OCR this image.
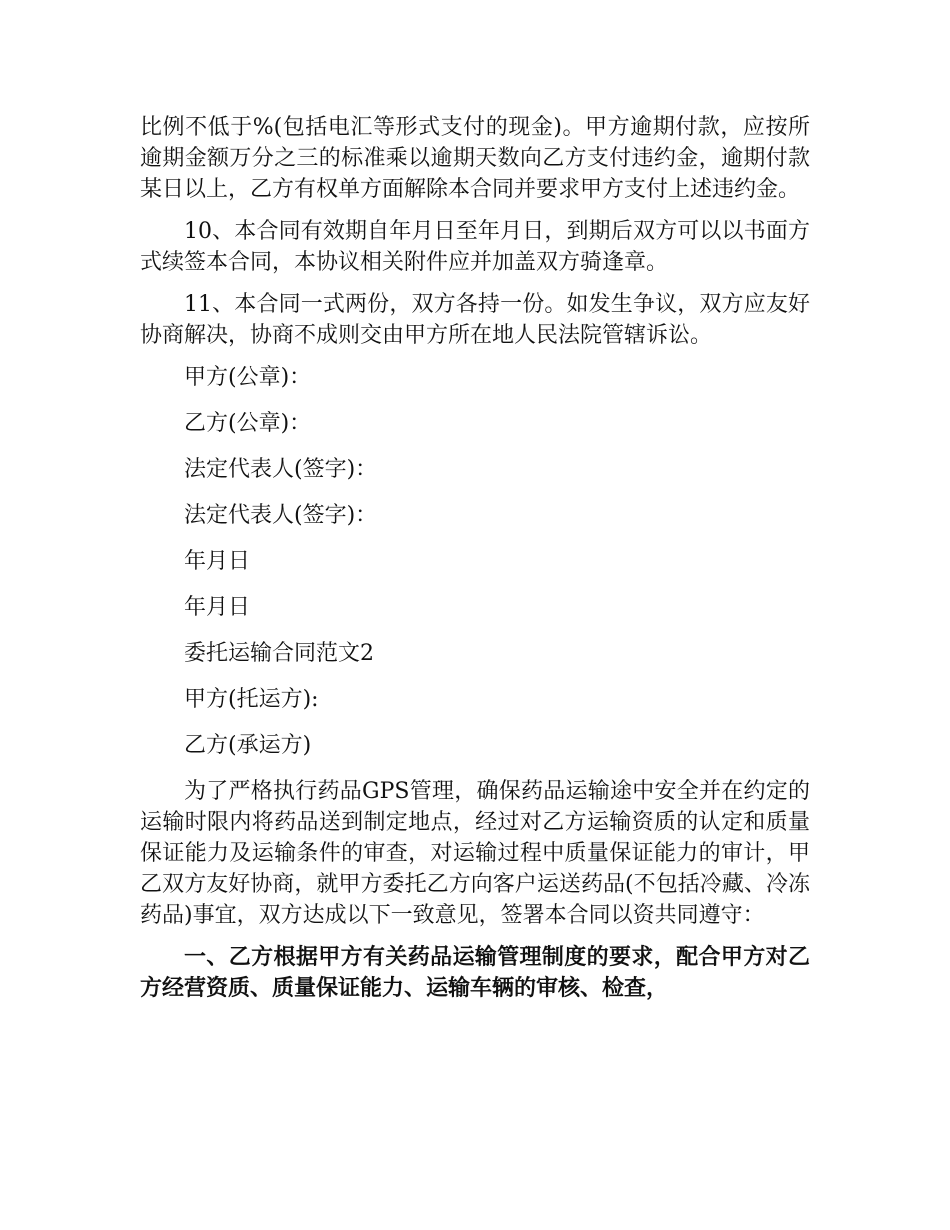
比例不低于%(包括电汇等形式支付的现金)。甲方逾期付款，应按所逾期金额万分之三的标准乘以逾期天数向乙方支付违约金，逾期付款某日以上，乙方有权单方面解除本合同并要求甲方支付上述违约金。

10、本合同有效期自年月日至年月日，到期后双方可以以书面方式续签本合同，本协议相关附件应并加盖双方骑逢章。

11、本合同一式两份，双方各持一份。如发生争议，双方应友好协商解决，协商不成则交由甲方所在地人民法院管辖诉讼。

甲方(公章)：
乙方(公章)：
法定代表人(签字)：
法定代表人(签字)：
年月日
年月日
委托运输合同范文2
甲方(托运方):
乙方(承运方)

为了严格执行药品GPS管理，确保药品运输途中安全并在约定的运输时限内将药品送到制定地点，经过对乙方运输资质的认定和质量保证能力及运输条件的审查，对运输过程中质量保证能力的审计，甲乙双方友好协商，就甲方委托乙方向客户运送药品(不包括冷藏、冷冻药品)事宜，双方达成以下一致意见，签署本合同以资共同遵守：

一、乙方根据甲方有关药品运输管理制度的要求，配合甲方对乙方经营资质、质量保证能力、运输车辆的审核、检查，
